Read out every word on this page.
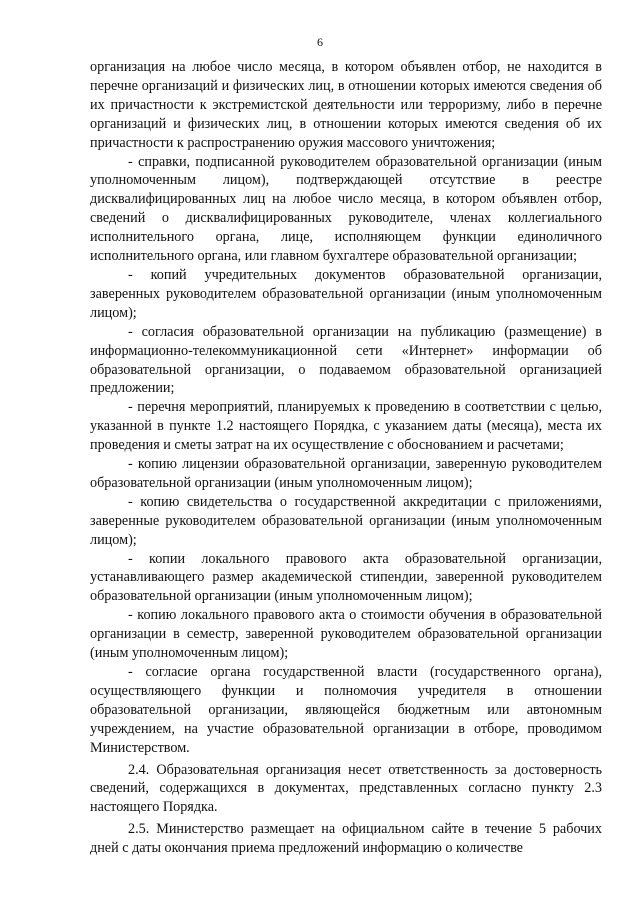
6

организация на любое число месяца, в котором объявлен отбор, не находится в перечне организаций и физических лиц, в отношении которых имеются сведения об их причастности к экстремистской деятельности или терроризму, либо в перечне организаций и физических лиц, в отношении которых имеются сведения об их причастности к распространению оружия массового уничтожения;

- справки, подписанной руководителем образовательной организации (иным уполномоченным лицом), подтверждающей отсутствие в реестре дисквалифицированных лиц на любое число месяца, в котором объявлен отбор, сведений о дисквалифицированных руководителе, членах коллегиального исполнительного органа, лице, исполняющем функции единоличного исполнительного органа, или главном бухгалтере образовательной организации;

- копий учредительных документов образовательной организации, заверенных руководителем образовательной организации (иным уполномоченным лицом);

- согласия образовательной организации на публикацию (размещение) в информационно-телекоммуникационной сети «Интернет» информации об образовательной организации, о подаваемом образовательной организацией предложении;

- перечня мероприятий, планируемых к проведению в соответствии с целью, указанной в пункте 1.2 настоящего Порядка, с указанием даты (месяца), места их проведения и сметы затрат на их осуществление с обоснованием и расчетами;

- копию лицензии образовательной организации, заверенную руководителем образовательной организации (иным уполномоченным лицом);

- копию свидетельства о государственной аккредитации с приложениями, заверенные руководителем образовательной организации (иным уполномоченным лицом);

- копии локального правового акта образовательной организации, устанавливающего размер академической стипендии, заверенной руководителем образовательной организации (иным уполномоченным лицом);

- копию локального правового акта о стоимости обучения в образовательной организации в семестр, заверенной руководителем образовательной организации (иным уполномоченным лицом);

- согласие органа государственной власти (государственного органа), осуществляющего функции и полномочия учредителя в отношении образовательной организации, являющейся бюджетным или автономным учреждением, на участие образовательной организации в отборе, проводимом Министерством.

2.4. Образовательная организация несет ответственность за достоверность сведений, содержащихся в документах, представленных согласно пункту 2.3 настоящего Порядка.

2.5. Министерство размещает на официальном сайте в течение 5 рабочих дней с даты окончания приема предложений информацию о количестве
